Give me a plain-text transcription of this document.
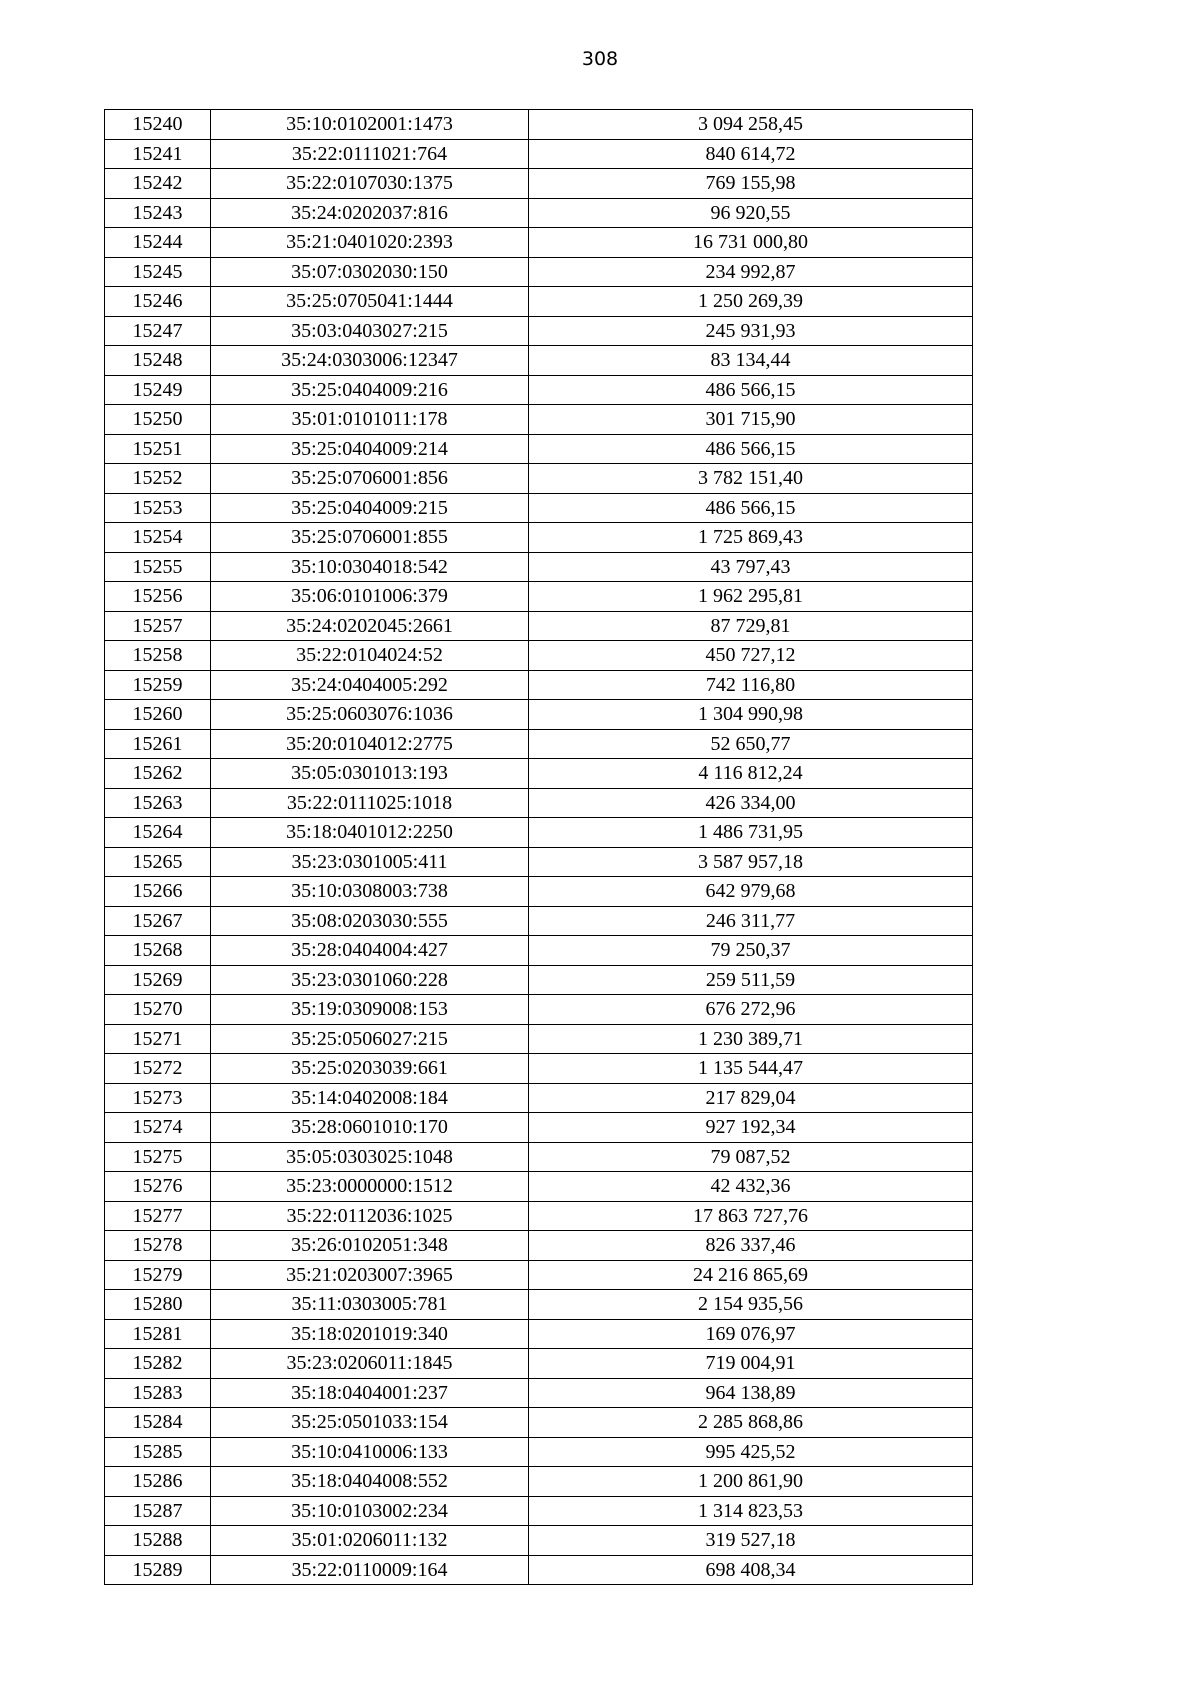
308
15240	35:10:0102001:1473	3 094 258,45
15241	35:22:0111021:764	840 614,72
15242	35:22:0107030:1375	769 155,98
15243	35:24:0202037:816	96 920,55
15244	35:21:0401020:2393	16 731 000,80
15245	35:07:0302030:150	234 992,87
15246	35:25:0705041:1444	1 250 269,39
15247	35:03:0403027:215	245 931,93
15248	35:24:0303006:12347	83 134,44
15249	35:25:0404009:216	486 566,15
15250	35:01:0101011:178	301 715,90
15251	35:25:0404009:214	486 566,15
15252	35:25:0706001:856	3 782 151,40
15253	35:25:0404009:215	486 566,15
15254	35:25:0706001:855	1 725 869,43
15255	35:10:0304018:542	43 797,43
15256	35:06:0101006:379	1 962 295,81
15257	35:24:0202045:2661	87 729,81
15258	35:22:0104024:52	450 727,12
15259	35:24:0404005:292	742 116,80
15260	35:25:0603076:1036	1 304 990,98
15261	35:20:0104012:2775	52 650,77
15262	35:05:0301013:193	4 116 812,24
15263	35:22:0111025:1018	426 334,00
15264	35:18:0401012:2250	1 486 731,95
15265	35:23:0301005:411	3 587 957,18
15266	35:10:0308003:738	642 979,68
15267	35:08:0203030:555	246 311,77
15268	35:28:0404004:427	79 250,37
15269	35:23:0301060:228	259 511,59
15270	35:19:0309008:153	676 272,96
15271	35:25:0506027:215	1 230 389,71
15272	35:25:0203039:661	1 135 544,47
15273	35:14:0402008:184	217 829,04
15274	35:28:0601010:170	927 192,34
15275	35:05:0303025:1048	79 087,52
15276	35:23:0000000:1512	42 432,36
15277	35:22:0112036:1025	17 863 727,76
15278	35:26:0102051:348	826 337,46
15279	35:21:0203007:3965	24 216 865,69
15280	35:11:0303005:781	2 154 935,56
15281	35:18:0201019:340	169 076,97
15282	35:23:0206011:1845	719 004,91
15283	35:18:0404001:237	964 138,89
15284	35:25:0501033:154	2 285 868,86
15285	35:10:0410006:133	995 425,52
15286	35:18:0404008:552	1 200 861,90
15287	35:10:0103002:234	1 314 823,53
15288	35:01:0206011:132	319 527,18
15289	35:22:0110009:164	698 408,34
